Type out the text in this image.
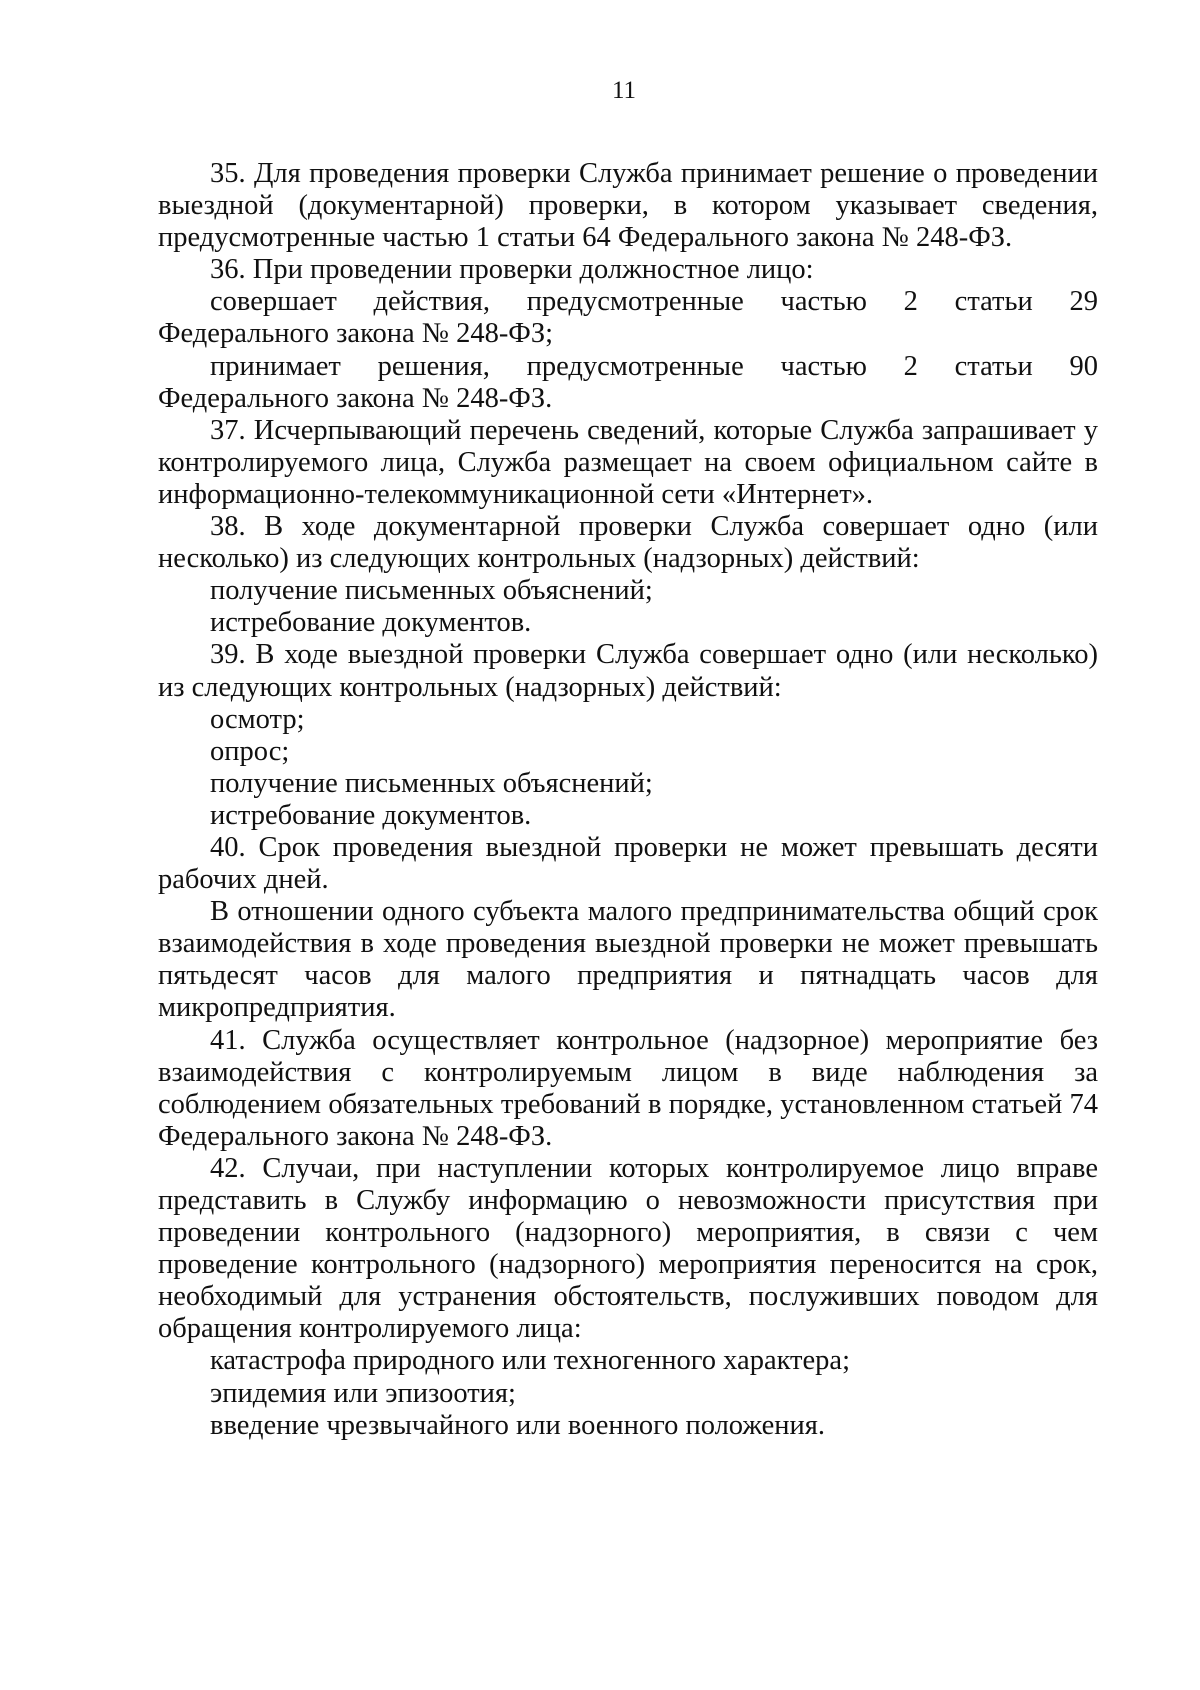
11

35. Для проведения проверки Служба принимает решение о проведении выездной (документарной) проверки, в котором указывает сведения, предусмотренные частью 1 статьи 64 Федерального закона № 248-ФЗ.

36. При проведении проверки должностное лицо:

совершает действия, предусмотренные частью 2 статьи 29 Федерального закона № 248-ФЗ;

принимает решения, предусмотренные частью 2 статьи 90 Федерального закона № 248-ФЗ.

37. Исчерпывающий перечень сведений, которые Служба запрашивает у контролируемого лица, Служба размещает на своем официальном сайте в информационно-телекоммуникационной сети «Интернет».

38. В ходе документарной проверки Служба совершает одно (или несколько) из следующих контрольных (надзорных) действий:

получение письменных объяснений;

истребование документов.

39. В ходе выездной проверки Служба совершает одно (или несколько) из следующих контрольных (надзорных) действий:

осмотр;

опрос;

получение письменных объяснений;

истребование документов.

40. Срок проведения выездной проверки не может превышать десяти рабочих дней.

В отношении одного субъекта малого предпринимательства общий срок взаимодействия в ходе проведения выездной проверки не может превышать пятьдесят часов для малого предприятия и пятнадцать часов для микропредприятия.

41. Служба осуществляет контрольное (надзорное) мероприятие без взаимодействия с контролируемым лицом в виде наблюдения за соблюдением обязательных требований в порядке, установленном статьей 74 Федерального закона № 248-ФЗ.

42. Случаи, при наступлении которых контролируемое лицо вправе представить в Службу информацию о невозможности присутствия при проведении контрольного (надзорного) мероприятия, в связи с чем проведение контрольного (надзорного) мероприятия переносится на срок, необходимый для устранения обстоятельств, послуживших поводом для обращения контролируемого лица:

катастрофа природного или техногенного характера;

эпидемия или эпизоотия;

введение чрезвычайного или военного положения.
